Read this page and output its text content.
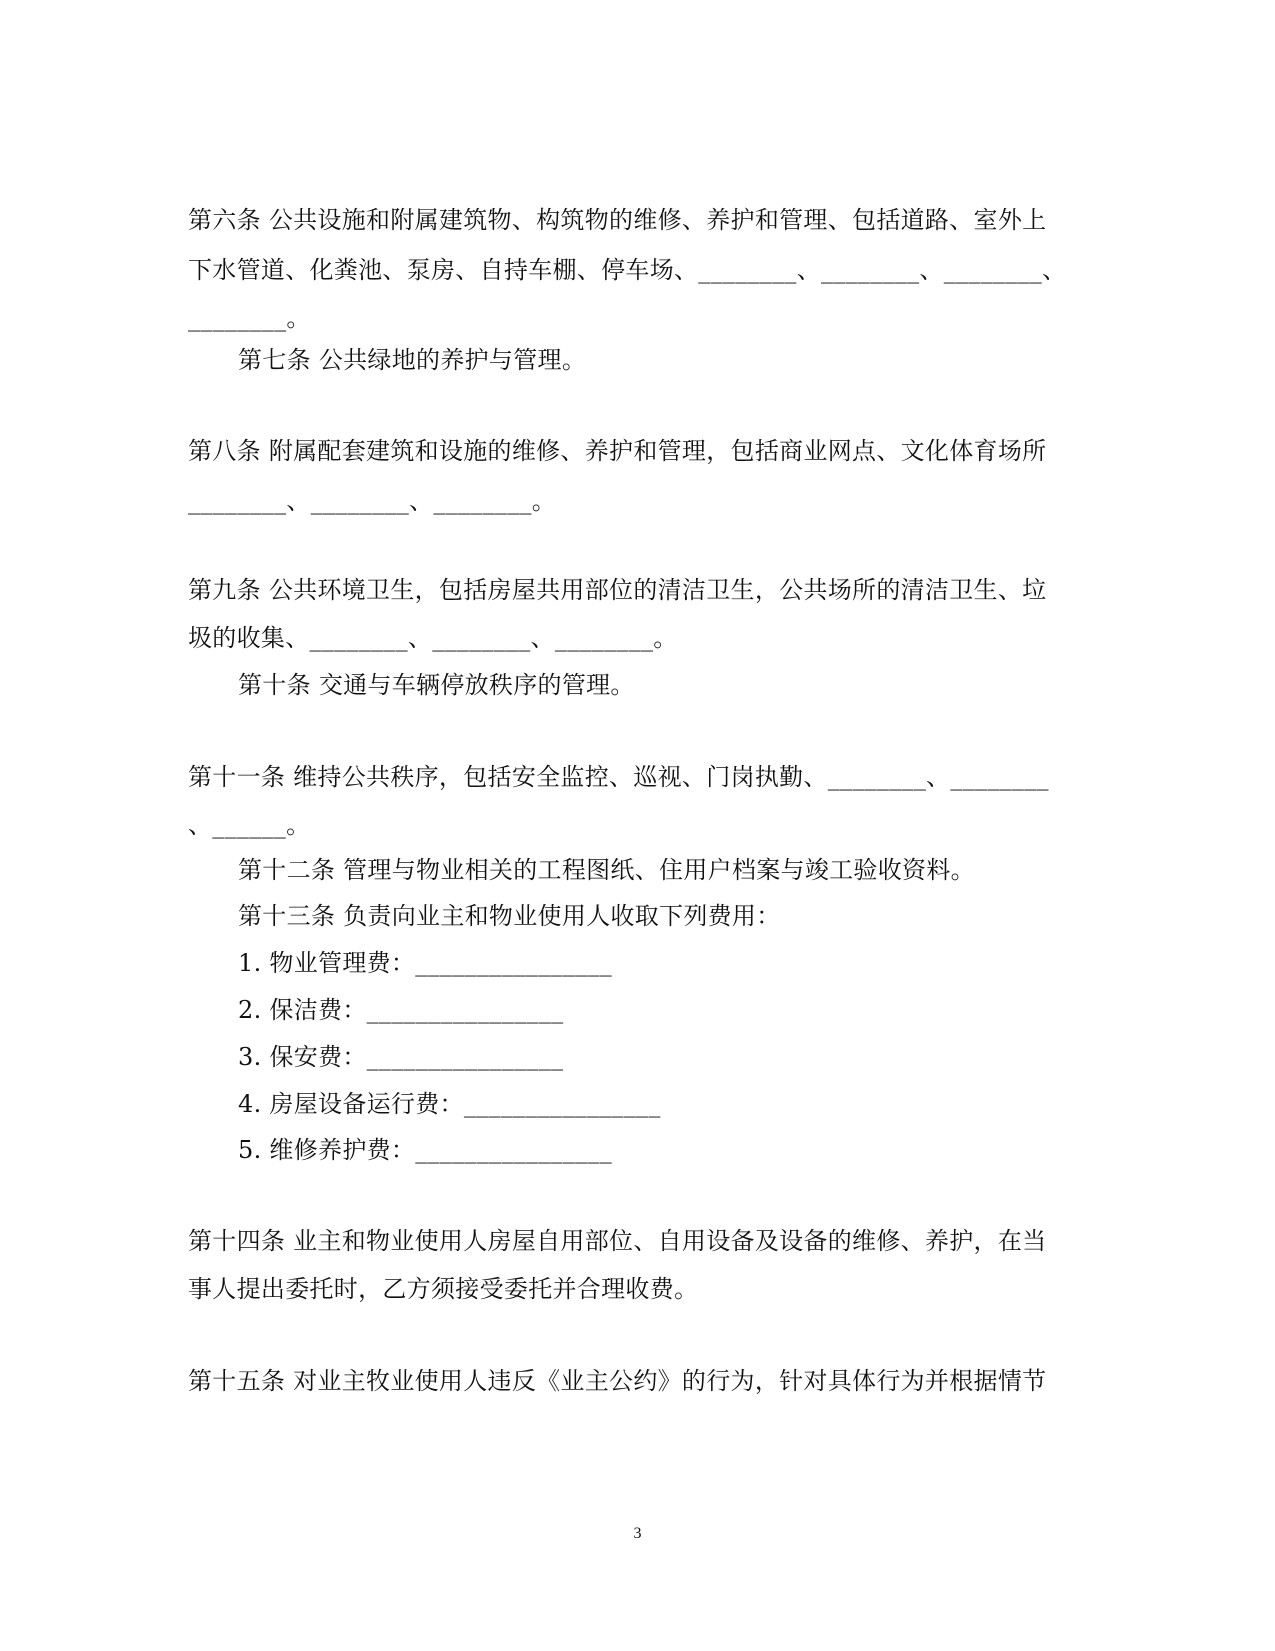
第六条 公共设施和附属建筑物、构筑物的维修、养护和管理、包括道路、室外上
下水管道、化粪池、泵房、自持车棚、停车场、________、________、________、
________。
第七条 公共绿地的养护与管理。
第八条 附属配套建筑和设施的维修、养护和管理，包括商业网点、文化体育场所
________、________、________。
第九条 公共环境卫生，包括房屋共用部位的清洁卫生，公共场所的清洁卫生、垃
圾的收集、________、________、________。
第十条 交通与车辆停放秩序的管理。
第十一条 维持公共秩序，包括安全监控、巡视、门岗执勤、________、________
、______。
第十二条 管理与物业相关的工程图纸、住用户档案与竣工验收资料。
第十三条 负责向业主和物业使用人收取下列费用：
1. 物业管理费：________________
2. 保洁费：________________
3. 保安费：________________
4. 房屋设备运行费：________________
5. 维修养护费：________________
第十四条 业主和物业使用人房屋自用部位、自用设备及设备的维修、养护，在当
事人提出委托时，乙方须接受委托并合理收费。
第十五条 对业主牧业使用人违反《业主公约》的行为，针对具体行为并根据情节
3
